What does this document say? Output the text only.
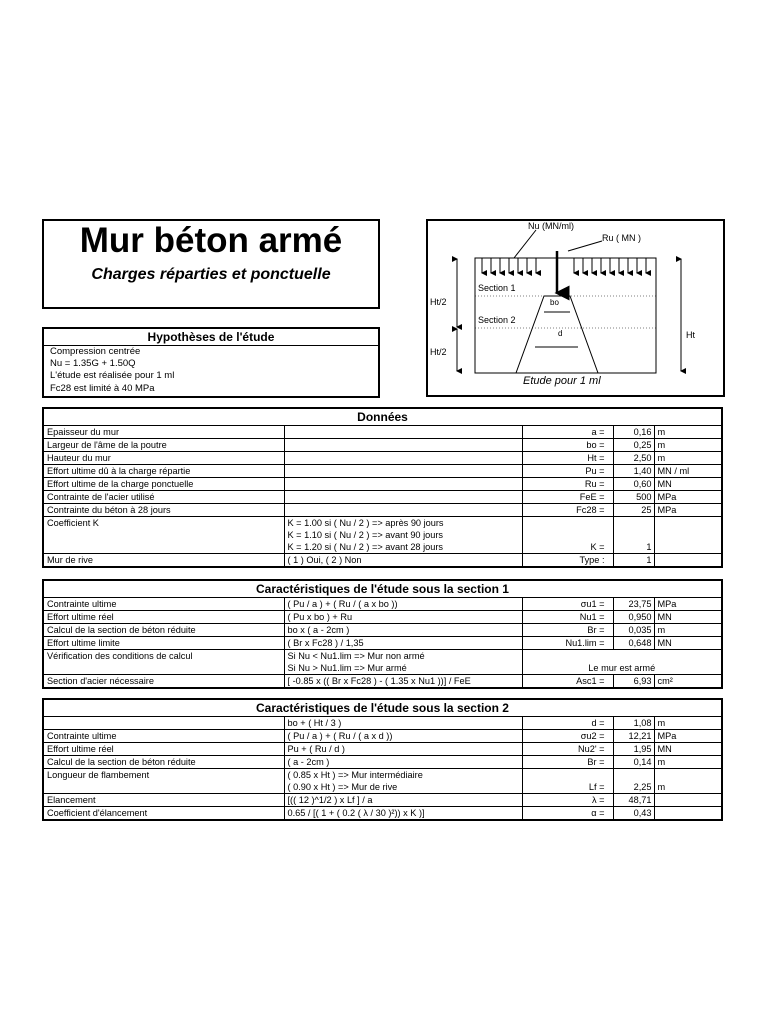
Mur béton armé
Charges réparties et ponctuelle
Hypothèses de l'étude
Compression centrée
Nu = 1.35G + 1.50Q
L'étude est réalisée pour 1 ml
Fc28 est limité à 40 MPa
Nu (MN/ml)
Ru ( MN )
Section 1
Section 2
bo
d
Ht/2
Ht/2
Ht
Etude pour 1 ml
Données
Epaisseur du mur		a =	0,16	m
Largeur de l'âme de la poutre		bo =	0,25	m
Hauteur du mur		Ht =	2,50	m
Effort ultime dû à la charge répartie		Pu =	1,40	MN / ml
Effort ultime de la charge ponctuelle		Ru =	0,60	MN
Contrainte de l'acier utilisé		FeE =	500	MPa
Contrainte du béton à 28 jours		Fc28 =	25	MPa
Coefficient K	K = 1.00 si ( Nu / 2 ) => après 90 jours			
	K = 1.10 si ( Nu / 2 ) => avant 90 jours			
	K = 1.20 si ( Nu / 2 ) => avant 28 jours	K =	1	
Mur de rive	( 1 ) Oui, ( 2 ) Non	Type :	1	
Caractéristiques de l'étude sous la section 1
Contrainte ultime	( Pu / a ) + ( Ru / ( a x bo ))	σu1 =	23,75	MPa
Effort ultime réel	( Pu x bo ) + Ru	Nu1 =	0,950	MN
Calcul de la section de béton réduite	bo x ( a - 2cm )	Br =	0,035	m
Effort ultime limite	( Br x Fc28 ) / 1,35	Nu1.lim =	0,648	MN
Vérification des conditions de calcul	Si Nu < Nu1.lim => Mur non armé			
	Si Nu > Nu1.lim => Mur armé	Le mur est armé		
Section d'acier nécessaire	[ -0.85 x (( Br x Fc28 ) - ( 1.35 x Nu1 ))] / FeE	Asc1 =	6,93	cm²
Caractéristiques de l'étude sous la section 2
	bo + ( Ht / 3 )	d =	1,08	m
Contrainte ultime	( Pu / a ) + ( Ru / ( a x d ))	σu2 =	12,21	MPa
Effort ultime réel	Pu + ( Ru / d )	Nu2' =	1,95	MN
Calcul de la section de béton réduite	( a - 2cm )	Br =	0,14	m
Longueur de flambement	( 0.85 x Ht ) => Mur intermédiaire			
	( 0.90 x Ht ) => Mur de rive	Lf =	2,25	m
Elancement	[(( 12 )^1/2 ) x Lf ] / a	λ =	48,71	
Coefficient d'élancement	0.65 / [( 1 + ( 0.2 ( λ / 30 )²)) x K )]	α =	0,43	
